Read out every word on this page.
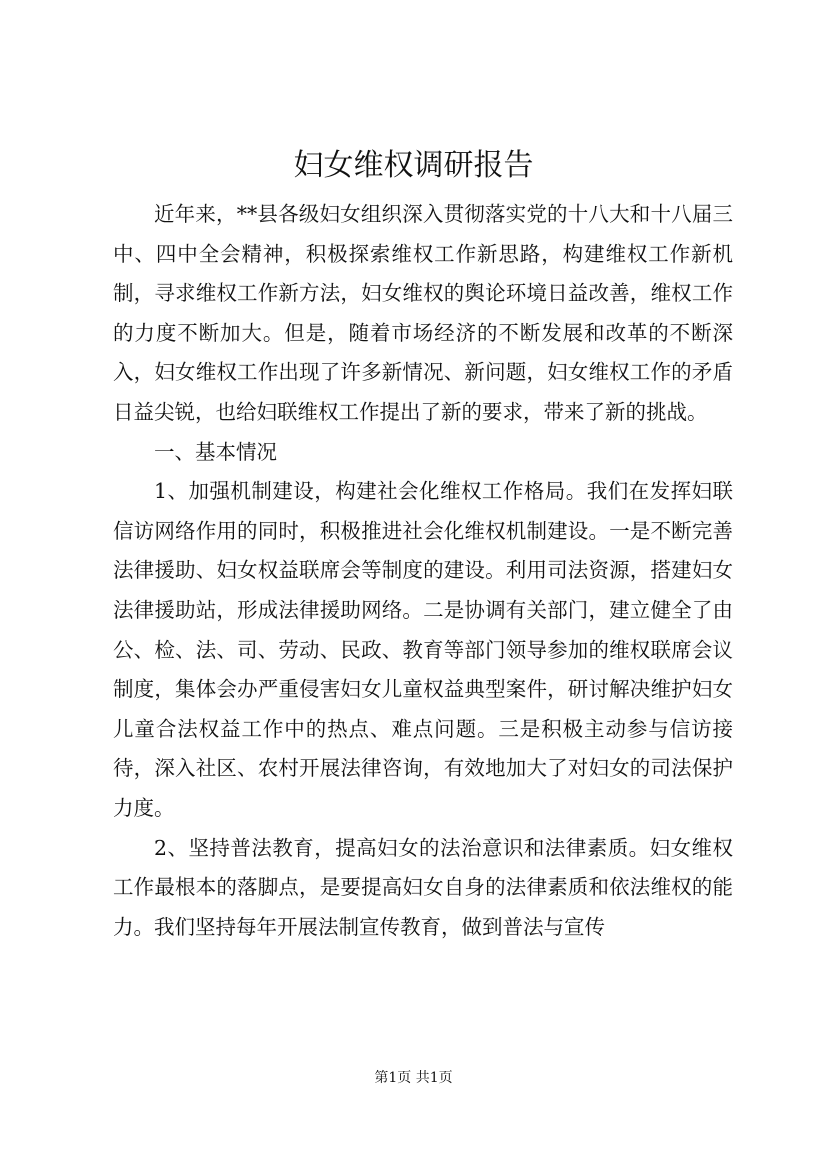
妇女维权调研报告

近年来，**县各级妇女组织深入贯彻落实党的十八大和十八届三中、四中全会精神，积极探索维权工作新思路，构建维权工作新机制，寻求维权工作新方法，妇女维权的舆论环境日益改善，维权工作的力度不断加大。但是，随着市场经济的不断发展和改革的不断深入，妇女维权工作出现了许多新情况、新问题，妇女维权工作的矛盾日益尖锐，也给妇联维权工作提出了新的要求，带来了新的挑战。

一、基本情况

1、加强机制建设，构建社会化维权工作格局。我们在发挥妇联信访网络作用的同时，积极推进社会化维权机制建设。一是不断完善法律援助、妇女权益联席会等制度的建设。利用司法资源，搭建妇女法律援助站，形成法律援助网络。二是协调有关部门，建立健全了由公、检、法、司、劳动、民政、教育等部门领导参加的维权联席会议制度，集体会办严重侵害妇女儿童权益典型案件，研讨解决维护妇女儿童合法权益工作中的热点、难点问题。三是积极主动参与信访接待，深入社区、农村开展法律咨询，有效地加大了对妇女的司法保护力度。

2、坚持普法教育，提高妇女的法治意识和法律素质。妇女维权工作最根本的落脚点，是要提高妇女自身的法律素质和依法维权的能力。我们坚持每年开展法制宣传教育，做到普法与宣传

第1页 共1页
